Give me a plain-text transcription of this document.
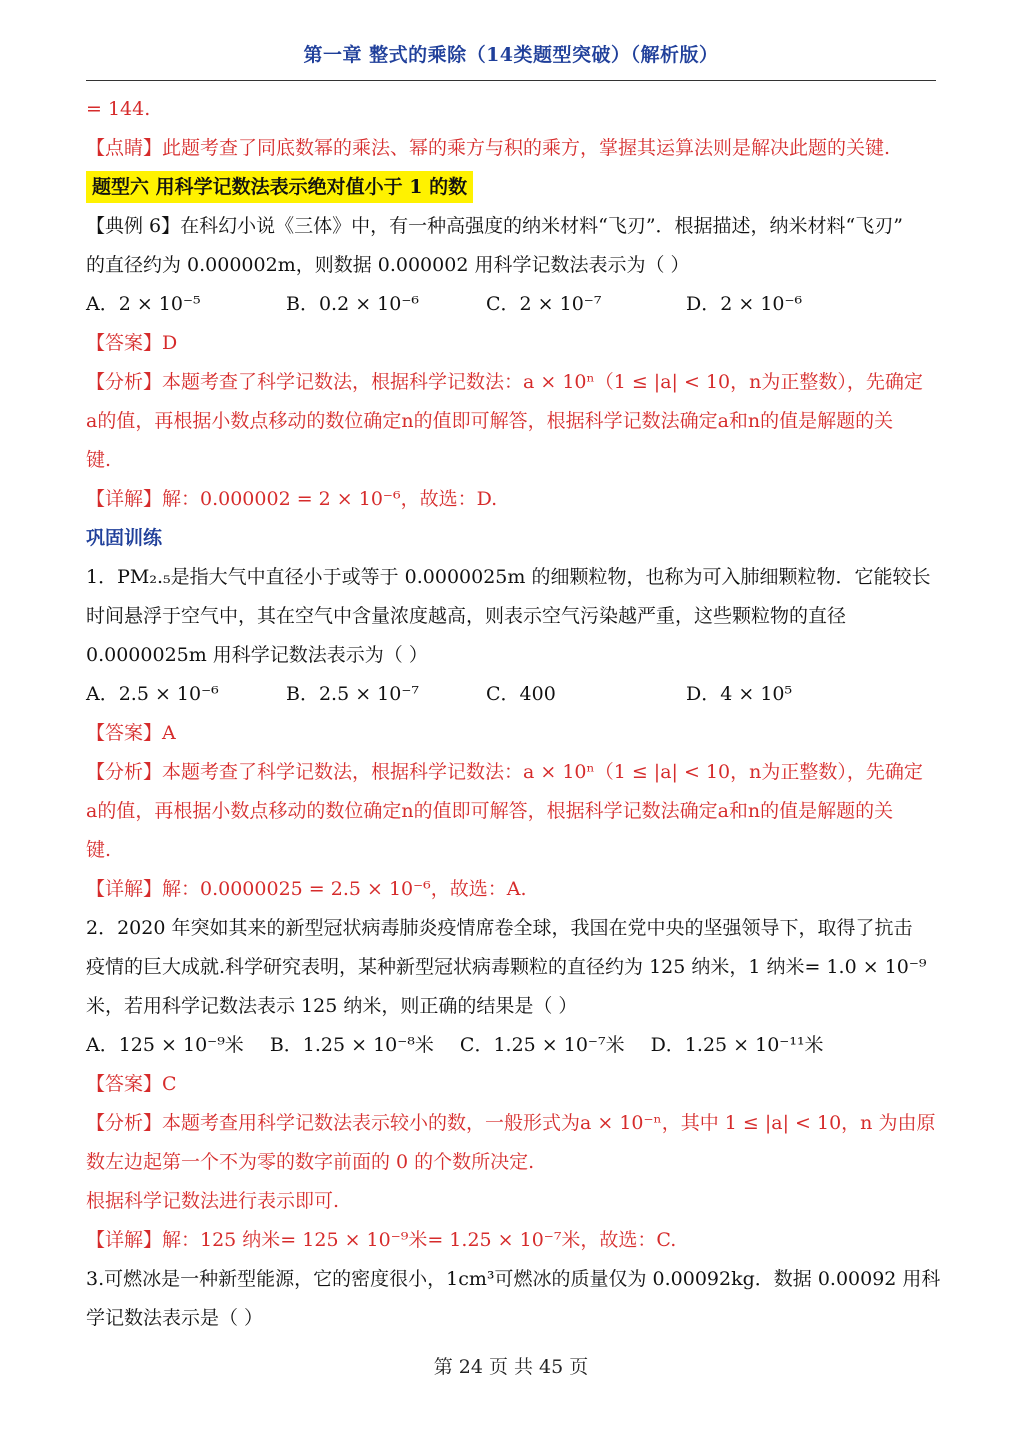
第一章 整式的乘除（14类题型突破）（解析版）
= 144.
【点睛】此题考查了同底数幂的乘法、幂的乘方与积的乘方，掌握其运算法则是解决此题的关键.
题型六 用科学记数法表示绝对值小于 1 的数
【典例 6】在科幻小说《三体》中，有一种高强度的纳米材料“飞刃”．根据描述，纳米材料“飞刃”
的直径约为 0.000002m，则数据 0.000002 用科学记数法表示为（ ）
A．2 × 10⁻⁵	B．0.2 × 10⁻⁶	C．2 × 10⁻⁷	D．2 × 10⁻⁶
【答案】D
【分析】本题考查了科学记数法，根据科学记数法：a × 10ⁿ（1 ≤ |a| < 10，n为正整数），先确定
a的值，再根据小数点移动的数位确定n的值即可解答，根据科学记数法确定a和n的值是解题的关
键.
【详解】解：0.000002 = 2 × 10⁻⁶，故选：D.
巩固训练
1．PM₂.₅是指大气中直径小于或等于 0.0000025m 的细颗粒物，也称为可入肺细颗粒物．它能较长
时间悬浮于空气中，其在空气中含量浓度越高，则表示空气污染越严重，这些颗粒物的直径
0.0000025m 用科学记数法表示为（ ）
A．2.5 × 10⁻⁶	B．2.5 × 10⁻⁷	C．400	D．4 × 10⁵
【答案】A
【分析】本题考查了科学记数法，根据科学记数法：a × 10ⁿ（1 ≤ |a| < 10，n为正整数），先确定
a的值，再根据小数点移动的数位确定n的值即可解答，根据科学记数法确定a和n的值是解题的关
键.
【详解】解：0.0000025 = 2.5 × 10⁻⁶，故选：A.
2．2020 年突如其来的新型冠状病毒肺炎疫情席卷全球，我国在党中央的坚强领导下，取得了抗击
疫情的巨大成就.科学研究表明，某种新型冠状病毒颗粒的直径约为 125 纳米，1 纳米= 1.0 × 10⁻⁹
米，若用科学记数法表示 125 纳米，则正确的结果是（ ）
A．125 × 10⁻⁹米 B．1.25 × 10⁻⁸米 C．1.25 × 10⁻⁷米 D．1.25 × 10⁻¹¹米
【答案】C
【分析】本题考查用科学记数法表示较小的数，一般形式为a × 10⁻ⁿ，其中 1 ≤ |a| < 10，n 为由原
数左边起第一个不为零的数字前面的 0 的个数所决定.
根据科学记数法进行表示即可.
【详解】解：125 纳米= 125 × 10⁻⁹米= 1.25 × 10⁻⁷米，故选：C.
3.可燃冰是一种新型能源，它的密度很小，1cm³可燃冰的质量仅为 0.00092kg．数据 0.00092 用科
学记数法表示是（ ）
第 24 页 共 45 页
